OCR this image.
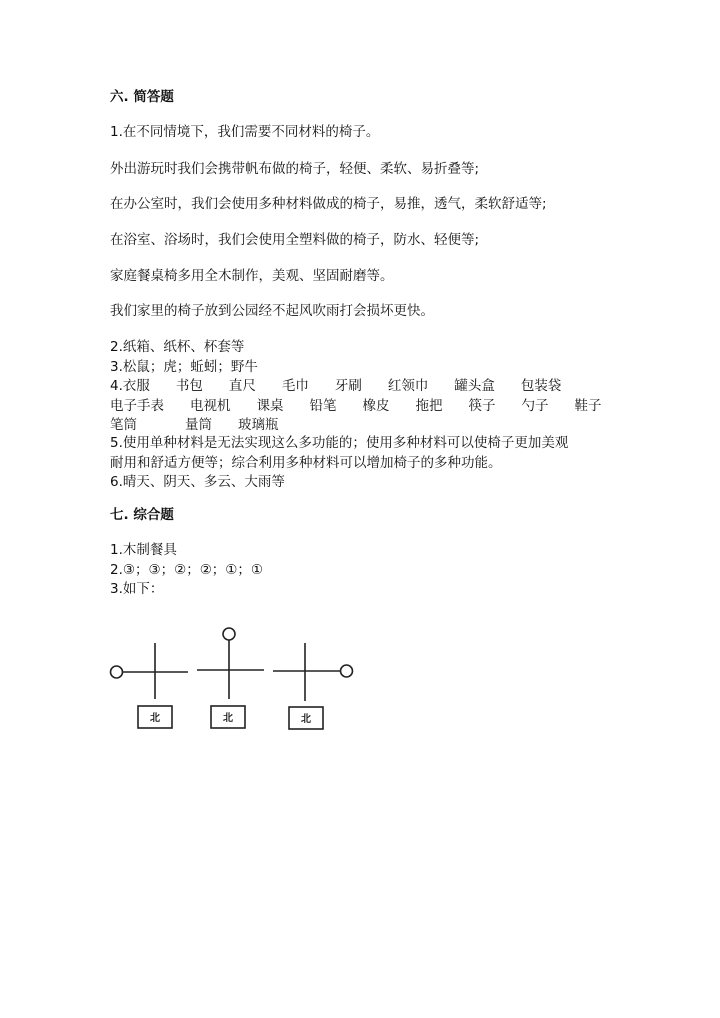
六. 简答题
1.在不同情境下，我们需要不同材料的椅子。
外出游玩时我们会携带帆布做的椅子，轻便、柔软、易折叠等;
在办公室时，我们会使用多种材料做成的椅子，易推，透气，柔软舒适等;
在浴室、浴场时，我们会使用全塑料做的椅子，防水、轻便等;
家庭餐桌椅多用全木制作，美观、坚固耐磨等。
我们家里的椅子放到公园经不起风吹雨打会损坏更快。
2.纸箱、纸杯、杯套等
3.松鼠；虎；蚯蚓；野牛
4.衣服 书包 直尺 毛巾 牙刷 红领巾 罐头盒 包装袋
电子手表 电视机 课桌 铅笔 橡皮 拖把 筷子 勺子 鞋子
笔筒	量筒 玻璃瓶
5.使用单种材料是无法实现这么多功能的；使用多种材料可以使椅子更加美观
耐用和舒适方便等；综合利用多种材料可以增加椅子的多种功能。
6.晴天、阴天、多云、大雨等
七. 综合题
1.木制餐具
2.③；③；②；②；①；①
3.如下：
北	北	北
